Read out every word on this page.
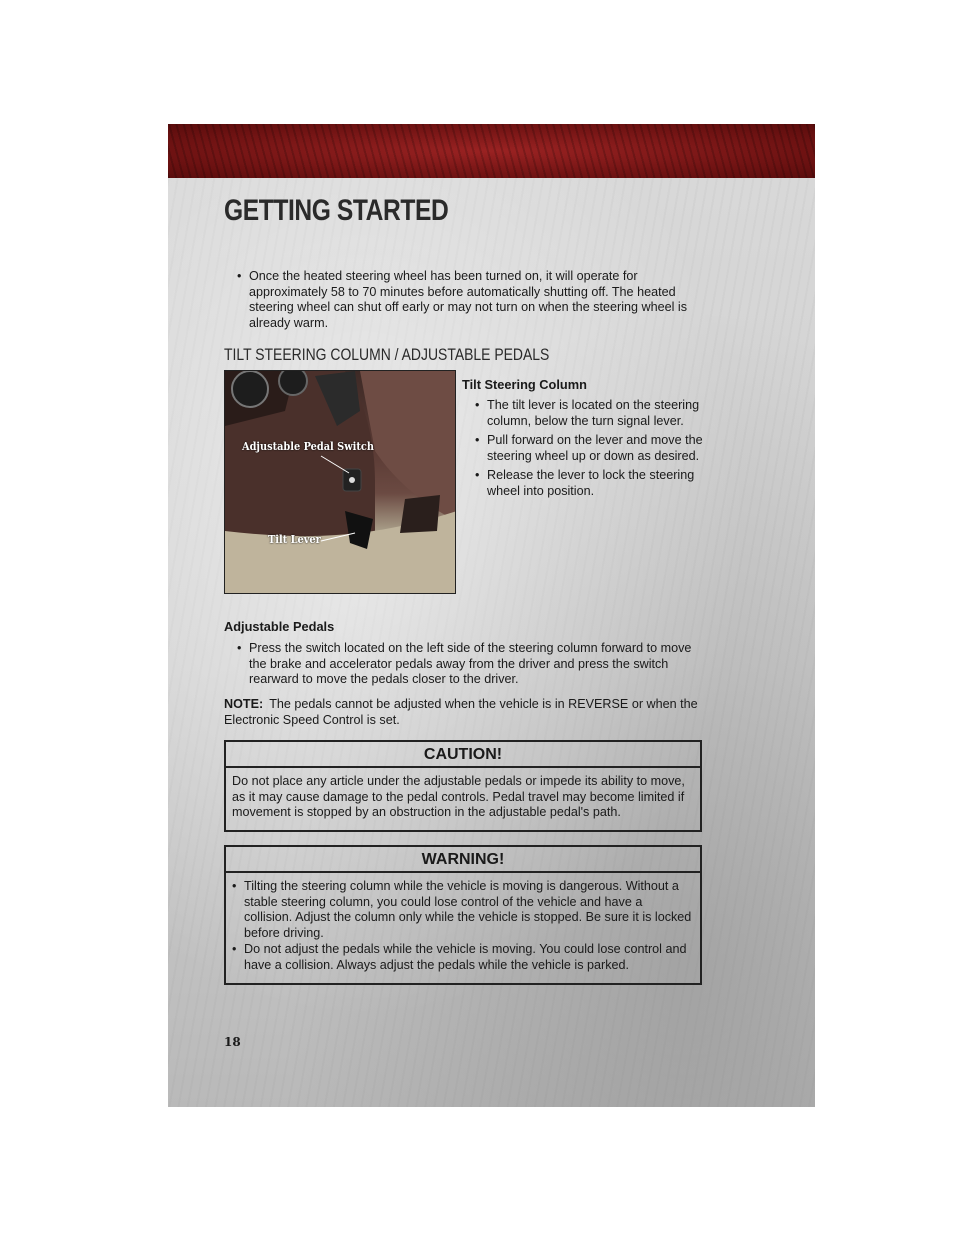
GETTING STARTED
• Once the heated steering wheel has been turned on, it will operate for approximately 58 to 70 minutes before automatically shutting off. The heated steering wheel can shut off early or may not turn on when the steering wheel is already warm.
TILT STEERING COLUMN / ADJUSTABLE PEDALS
Adjustable Pedal Switch
Tilt Lever
Tilt Steering Column
• The tilt lever is located on the steering column, below the turn signal lever.
• Pull forward on the lever and move the steering wheel up or down as desired.
• Release the lever to lock the steering wheel into position.
Adjustable Pedals
• Press the switch located on the left side of the steering column forward to move the brake and accelerator pedals away from the driver and press the switch rearward to move the pedals closer to the driver.
NOTE: The pedals cannot be adjusted when the vehicle is in REVERSE or when the Electronic Speed Control is set.
CAUTION!
Do not place any article under the adjustable pedals or impede its ability to move, as it may cause damage to the pedal controls. Pedal travel may become limited if movement is stopped by an obstruction in the adjustable pedal's path.
WARNING!
• Tilting the steering column while the vehicle is moving is dangerous. Without a stable steering column, you could lose control of the vehicle and have a collision. Adjust the column only while the vehicle is stopped. Be sure it is locked before driving.
• Do not adjust the pedals while the vehicle is moving. You could lose control and have a collision. Always adjust the pedals while the vehicle is parked.
18
